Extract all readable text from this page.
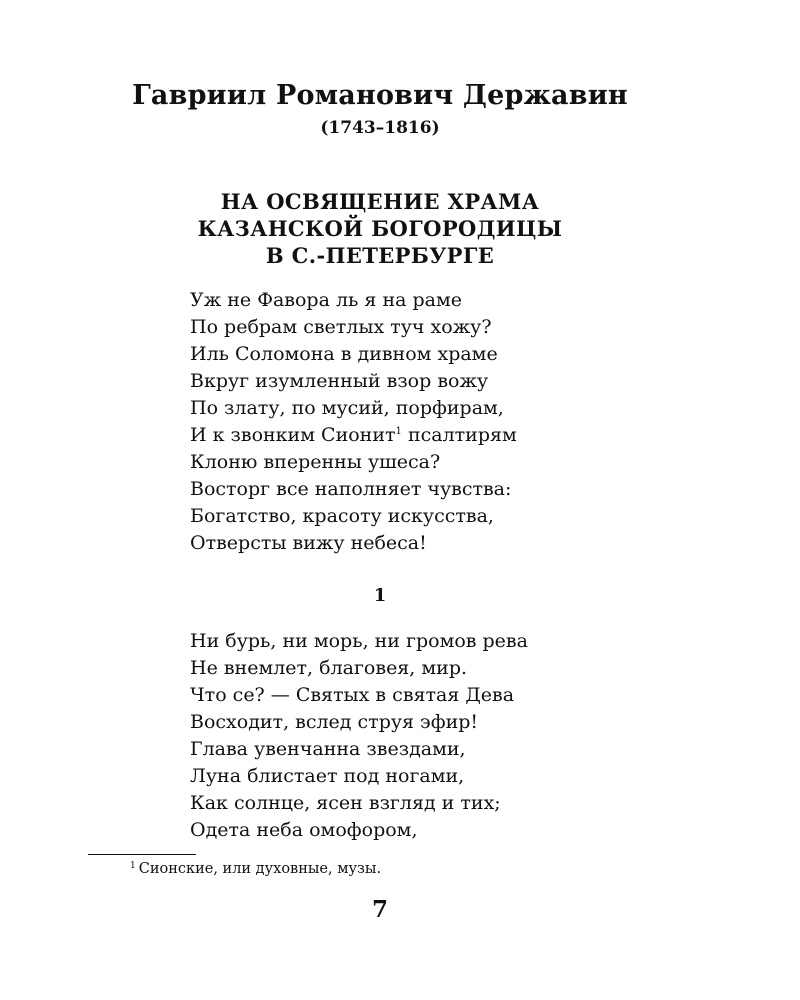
Гавриил Романович Державин
(1743–1816)
НА ОСВЯЩЕНИЕ ХРАМА
КАЗАНСКОЙ БОГОРОДИЦЫ
В С.-ПЕТЕРБУРГЕ
Уж не Фавора ль я на раме
По ребрам светлых туч хожу?
Иль Соломона в дивном храме
Вкруг изумленный взор вожу
По злату, по мусий, порфирам,
И к звонким Сионит$^1$ псалтирям
Клоню вперенны ушеса?
Восторг все наполняет чувства:
Богатство, красоту искусства,
Отверсты вижу небеса!
1
Ни бурь, ни морь, ни громов рева
Не внемлет, благовея, мир.
Что се? — Святых в святая Дева
Восходит, вслед струя эфир!
Глава увенчанна звездами,
Луна блистает под ногами,
Как солнце, ясен взгляд и тих;
Одета неба омофором,
$^1$ Сионские, или духовные, музы.
7
